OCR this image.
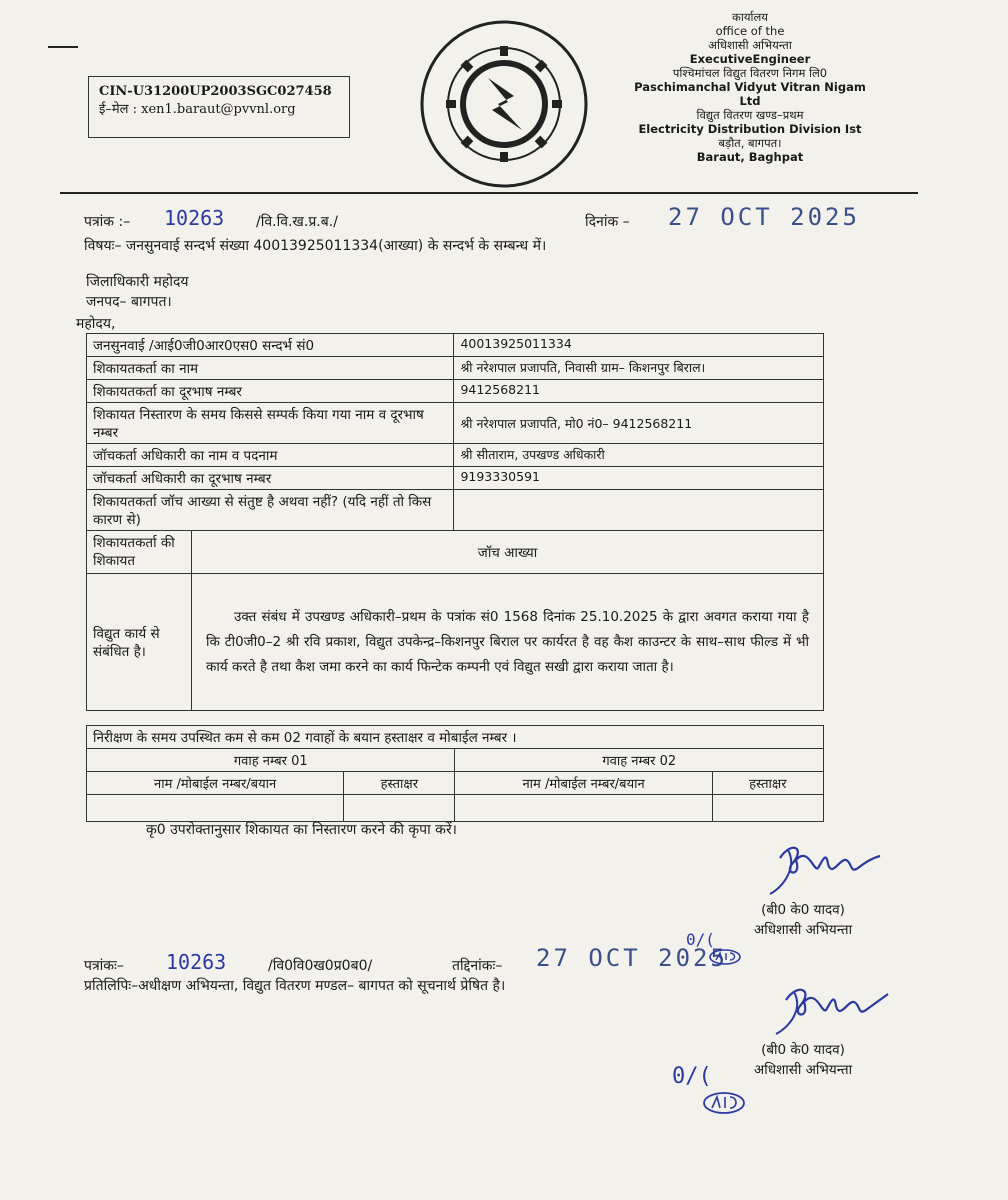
CIN-U31200UP2003SGC027458
ई–मेल : xen1.baraut@pvvnl.org
कार्यालय
office of the
अधिशासी अभियन्ता
ExecutiveEngineer
पश्चिमांचल विद्युत वितरण निगम लि0
Paschimanchal Vidyut Vitran Nigam Ltd
विद्युत वितरण खण्ड–प्रथम
Electricity Distribution Division Ist
बड़ौत, बागपत।
Baraut, Baghpat
पत्रांक :– 10263 /वि.वि.ख.प्र.ब./	दिनांक – 27 OCT 2025
विषयः– जनसुनवाई सन्दर्भ संख्या 40013925011334(आख्या) के सन्दर्भ के सम्बन्ध में।
जिलाधिकारी महोदय
जनपद– बागपत।
महोदय,
जनसुनवाई /आई0जी0आर0एस0 सन्दर्भ सं0		40013925011334
शिकायतकर्ता का नाम		श्री नरेशपाल प्रजापति, निवासी ग्राम– किशनपुर बिराल।
शिकायतकर्ता का दूरभाष नम्बर		9412568211
शिकायत निस्तारण के समय किससे सम्पर्क किया गया नाम व दूरभाष नम्बर		श्री नरेशपाल प्रजापति, मो0 नं0– 9412568211
जॉचकर्ता अधिकारी का नाम व पदनाम		श्री सीताराम, उपखण्ड अधिकारी
जॉचकर्ता अधिकारी का दूरभाष नम्बर		9193330591
शिकायतकर्ता जॉच आख्या से संतुष्ट है अथवा नहीं? (यदि नहीं तो किस कारण से)		
शिकायतकर्ता की शिकायत	जॉच आख्या	
विद्युत कार्य से संबंधित है।	उक्त संबंध में उपखण्ड अधिकारी–प्रथम के पत्रांक सं0 1568 दिनांक 25.10.2025 के द्वारा अवगत कराया गया है कि टी0जी0–2 श्री रवि प्रकाश, विद्युत उपकेन्द्र–किशनपुर बिराल पर कार्यरत है वह कैश काउन्टर के साथ–साथ फील्ड में भी कार्य करते है तथा कैश जमा करने का कार्य फिन्टेक कम्पनी एवं विद्युत सखी द्वारा कराया जाता है।	
निरीक्षण के समय उपस्थित कम से कम 02 गवाहों के बयान हस्ताक्षर व मोबाईल नम्बर ।			
गवाह नम्बर 01		गवाह नम्बर 02	
नाम /मोबाईल नम्बर/बयान	हस्ताक्षर	नाम /मोबाईल नम्बर/बयान	हस्ताक्षर

कृ0 उपरोक्तानुसार शिकायत का निस्तारण करने की कृपा करें।
(बी0 के0 यादव)
अधिशासी अभियन्ता
पत्रांकः– 10263	/वि0वि0ख0प्र0ब0/	तद्दिनांकः– 27 OCT 2025
0/(
प्रतिलिपिः–अधीक्षण अभियन्ता, विद्युत वितरण मण्डल– बागपत को सूचनार्थ प्रेषित है।
(बी0 के0 यादव)
अधिशासी अभियन्ता
0/(
